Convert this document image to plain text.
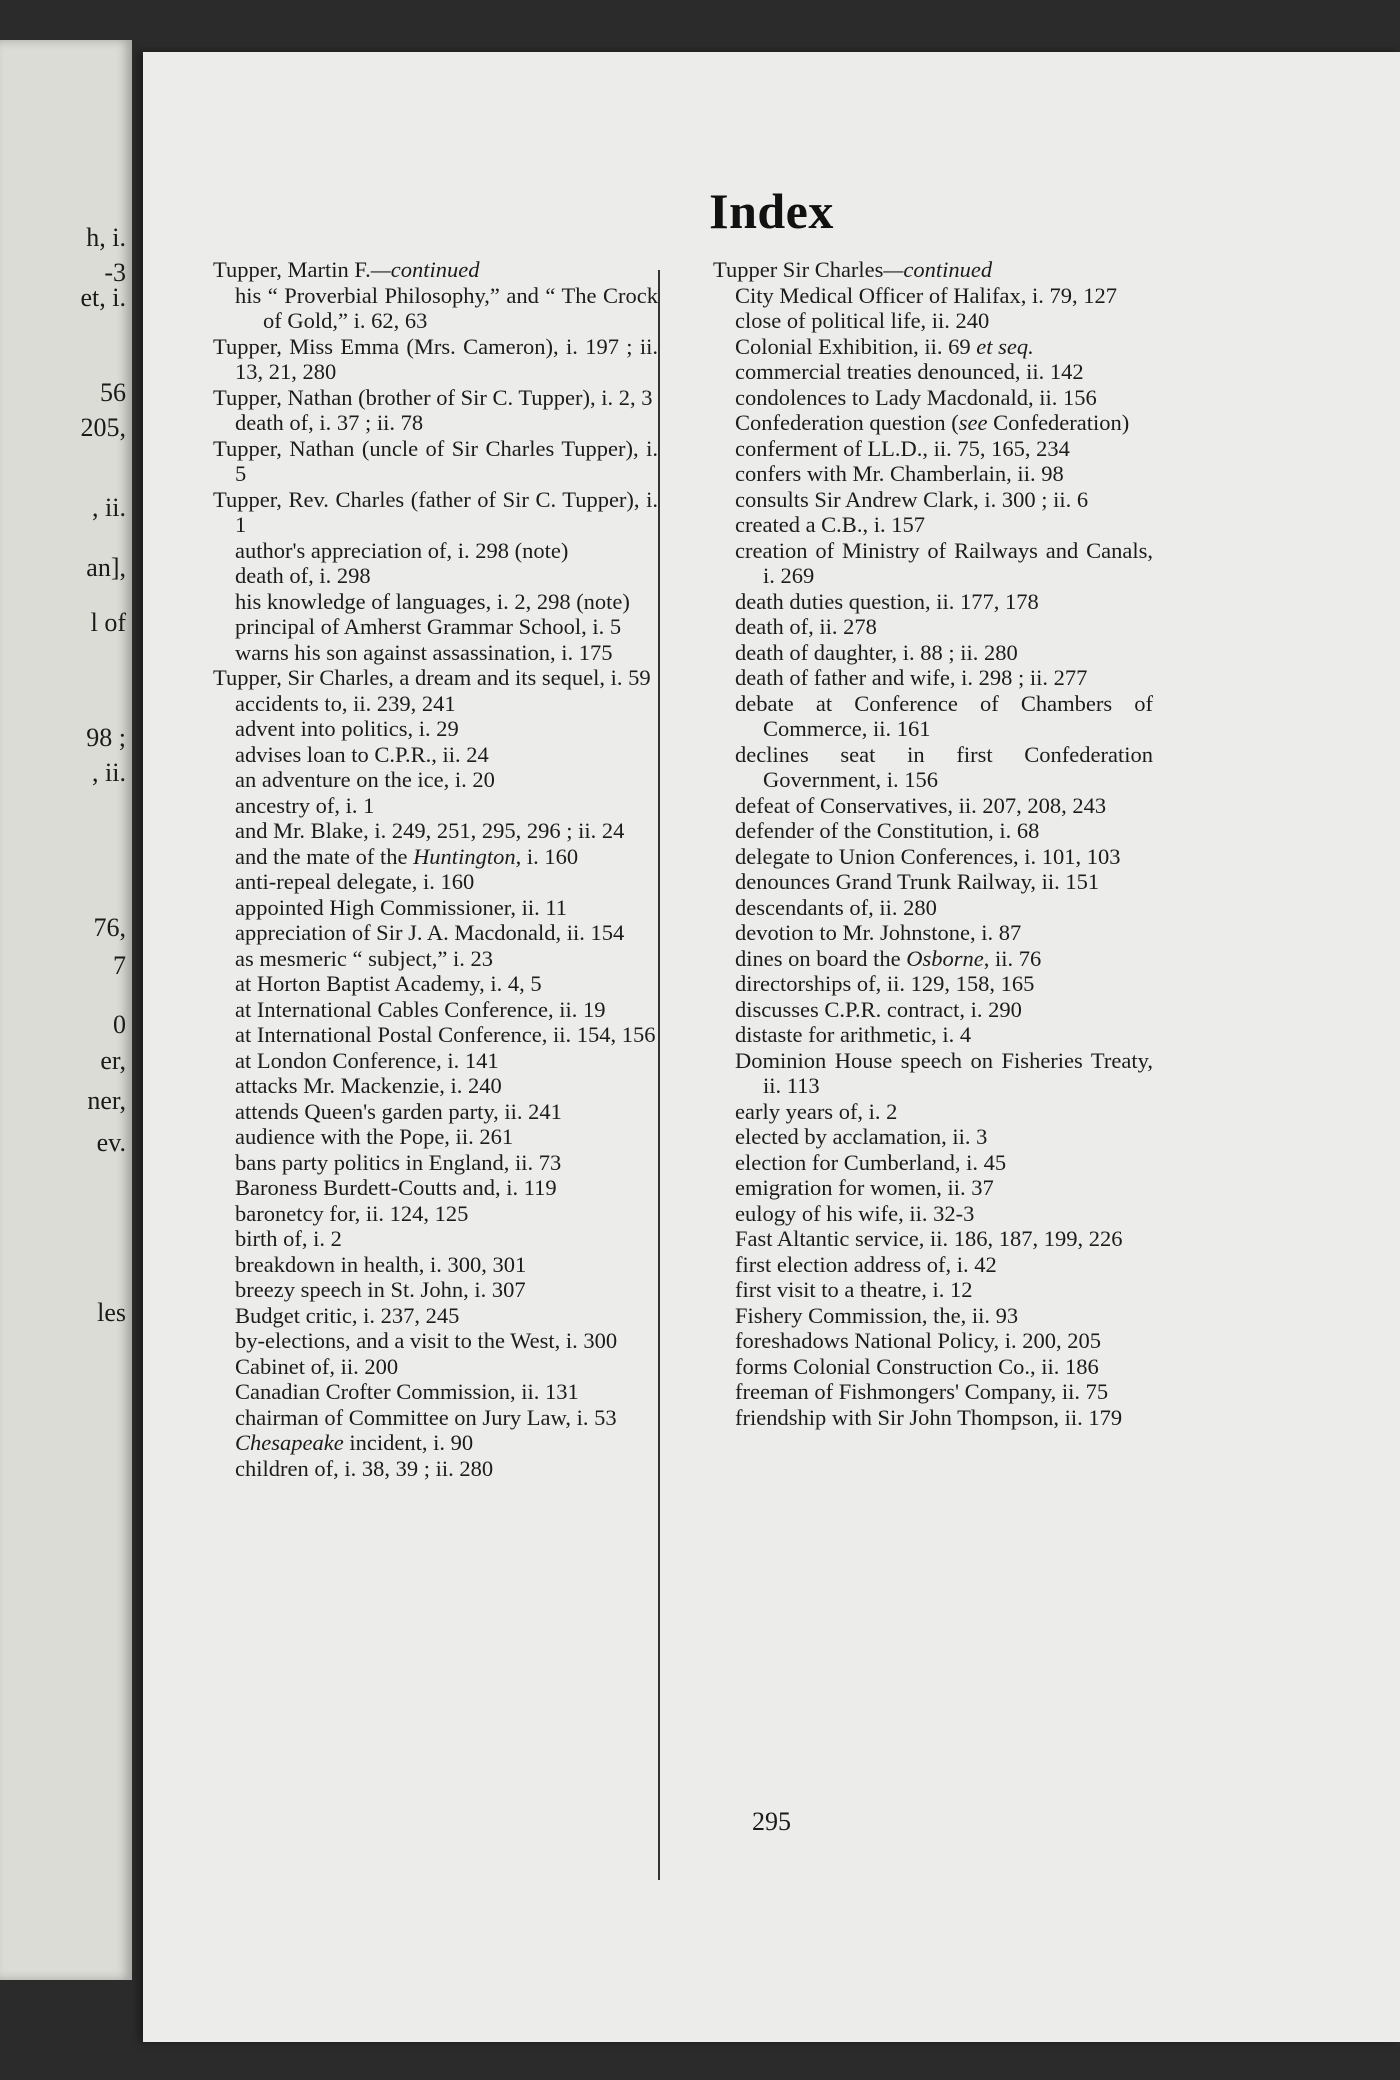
h, i.
-3
et, i.
56
205,
, ii.
an],
l of
98 ;
, ii.
76,
7
0
er,
ner,
ev.
les
Index
Tupper, Martin F.—continued
his “ Proverbial Philosophy,” and “ The Crock of Gold,” i. 62, 63
Tupper, Miss Emma (Mrs. Cameron), i. 197 ; ii. 13, 21, 280
Tupper, Nathan (brother of Sir C. Tupper), i. 2, 3
death of, i. 37 ; ii. 78
Tupper, Nathan (uncle of Sir Charles Tupper), i. 5
Tupper, Rev. Charles (father of Sir C. Tupper), i. 1
author's appreciation of, i. 298 (note)
death of, i. 298
his knowledge of languages, i. 2, 298 (note)
principal of Amherst Grammar School, i. 5
warns his son against assassination, i. 175
Tupper, Sir Charles, a dream and its sequel, i. 59
accidents to, ii. 239, 241
advent into politics, i. 29
advises loan to C.P.R., ii. 24
an adventure on the ice, i. 20
ancestry of, i. 1
and Mr. Blake, i. 249, 251, 295, 296 ; ii. 24
and the mate of the Huntington, i. 160
anti-repeal delegate, i. 160
appointed High Commissioner, ii. 11
appreciation of Sir J. A. Macdonald, ii. 154
as mesmeric “ subject,” i. 23
at Horton Baptist Academy, i. 4, 5
at International Cables Conference, ii. 19
at International Postal Conference, ii. 154, 156
at London Conference, i. 141
attacks Mr. Mackenzie, i. 240
attends Queen's garden party, ii. 241
audience with the Pope, ii. 261
bans party politics in England, ii. 73
Baroness Burdett-Coutts and, i. 119
baronetcy for, ii. 124, 125
birth of, i. 2
breakdown in health, i. 300, 301
breezy speech in St. John, i. 307
Budget critic, i. 237, 245
by-elections, and a visit to the West, i. 300
Cabinet of, ii. 200
Canadian Crofter Commission, ii. 131
chairman of Committee on Jury Law, i. 53
Chesapeake incident, i. 90
children of, i. 38, 39 ; ii. 280
Tupper Sir Charles—continued
City Medical Officer of Halifax, i. 79, 127
close of political life, ii. 240
Colonial Exhibition, ii. 69 et seq.
commercial treaties denounced, ii. 142
condolences to Lady Macdonald, ii. 156
Confederation question (see Confederation)
conferment of LL.D., ii. 75, 165, 234
confers with Mr. Chamberlain, ii. 98
consults Sir Andrew Clark, i. 300 ; ii. 6
created a C.B., i. 157
creation of Ministry of Railways and Canals, i. 269
death duties question, ii. 177, 178
death of, ii. 278
death of daughter, i. 88 ; ii. 280
death of father and wife, i. 298 ; ii. 277
debate at Conference of Chambers of Commerce, ii. 161
declines seat in first Confederation Government, i. 156
defeat of Conservatives, ii. 207, 208, 243
defender of the Constitution, i. 68
delegate to Union Conferences, i. 101, 103
denounces Grand Trunk Railway, ii. 151
descendants of, ii. 280
devotion to Mr. Johnstone, i. 87
dines on board the Osborne, ii. 76
directorships of, ii. 129, 158, 165
discusses C.P.R. contract, i. 290
distaste for arithmetic, i. 4
Dominion House speech on Fisheries Treaty, ii. 113
early years of, i. 2
elected by acclamation, ii. 3
election for Cumberland, i. 45
emigration for women, ii. 37
eulogy of his wife, ii. 32-3
Fast Altantic service, ii. 186, 187, 199, 226
first election address of, i. 42
first visit to a theatre, i. 12
Fishery Commission, the, ii. 93
foreshadows National Policy, i. 200, 205
forms Colonial Construction Co., ii. 186
freeman of Fishmongers' Company, ii. 75
friendship with Sir John Thompson, ii. 179
295
